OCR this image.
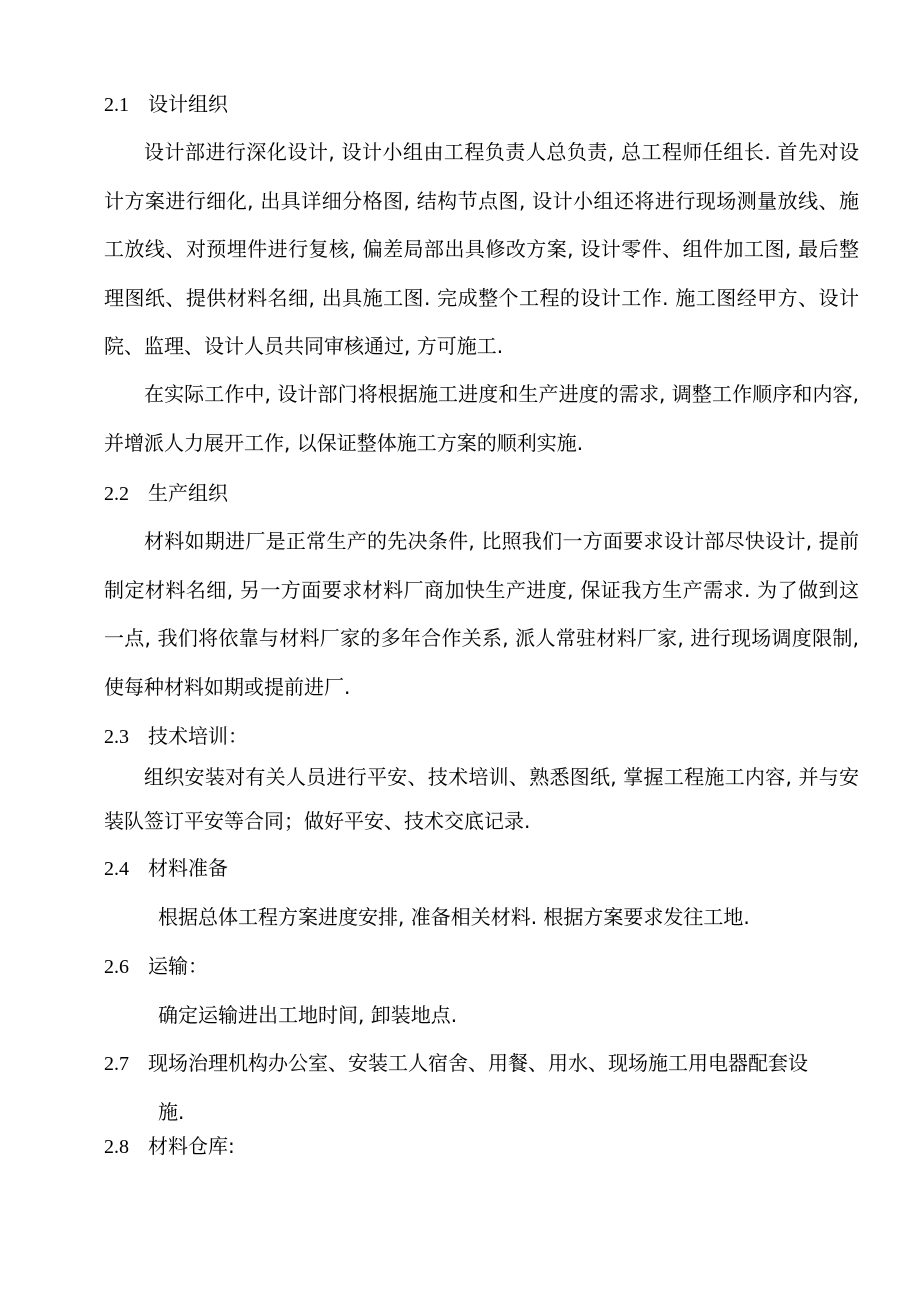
2.1 设计组织

设计部进行深化设计, 设计小组由工程负责人总负责, 总工程师任组长. 首先对设计方案进行细化, 出具详细分格图, 结构节点图, 设计小组还将进行现场测量放线、施工放线、对预埋件进行复核, 偏差局部出具修改方案, 设计零件、组件加工图, 最后整理图纸、提供材料名细, 出具施工图. 完成整个工程的设计工作. 施工图经甲方、设计院、监理、设计人员共同审核通过, 方可施工.

在实际工作中, 设计部门将根据施工进度和生产进度的需求, 调整工作顺序和内容, 并增派人力展开工作, 以保证整体施工方案的顺利实施.

2.2 生产组织

材料如期进厂是正常生产的先决条件, 比照我们一方面要求设计部尽快设计, 提前制定材料名细, 另一方面要求材料厂商加快生产进度, 保证我方生产需求. 为了做到这一点, 我们将依靠与材料厂家的多年合作关系, 派人常驻材料厂家, 进行现场调度限制, 使每种材料如期或提前进厂.

2.3 技术培训：

组织安装对有关人员进行平安、技术培训、熟悉图纸, 掌握工程施工内容, 并与安装队签订平安等合同；做好平安、技术交底记录.

2.4 材料准备
根据总体工程方案进度安排, 准备相关材料. 根据方案要求发往工地.
2.6 运输：
确定运输进出工地时间, 卸装地点.
2.7 现场治理机构办公室、安装工人宿舍、用餐、用水、现场施工用电器配套设
施.
2.8 材料仓库:
